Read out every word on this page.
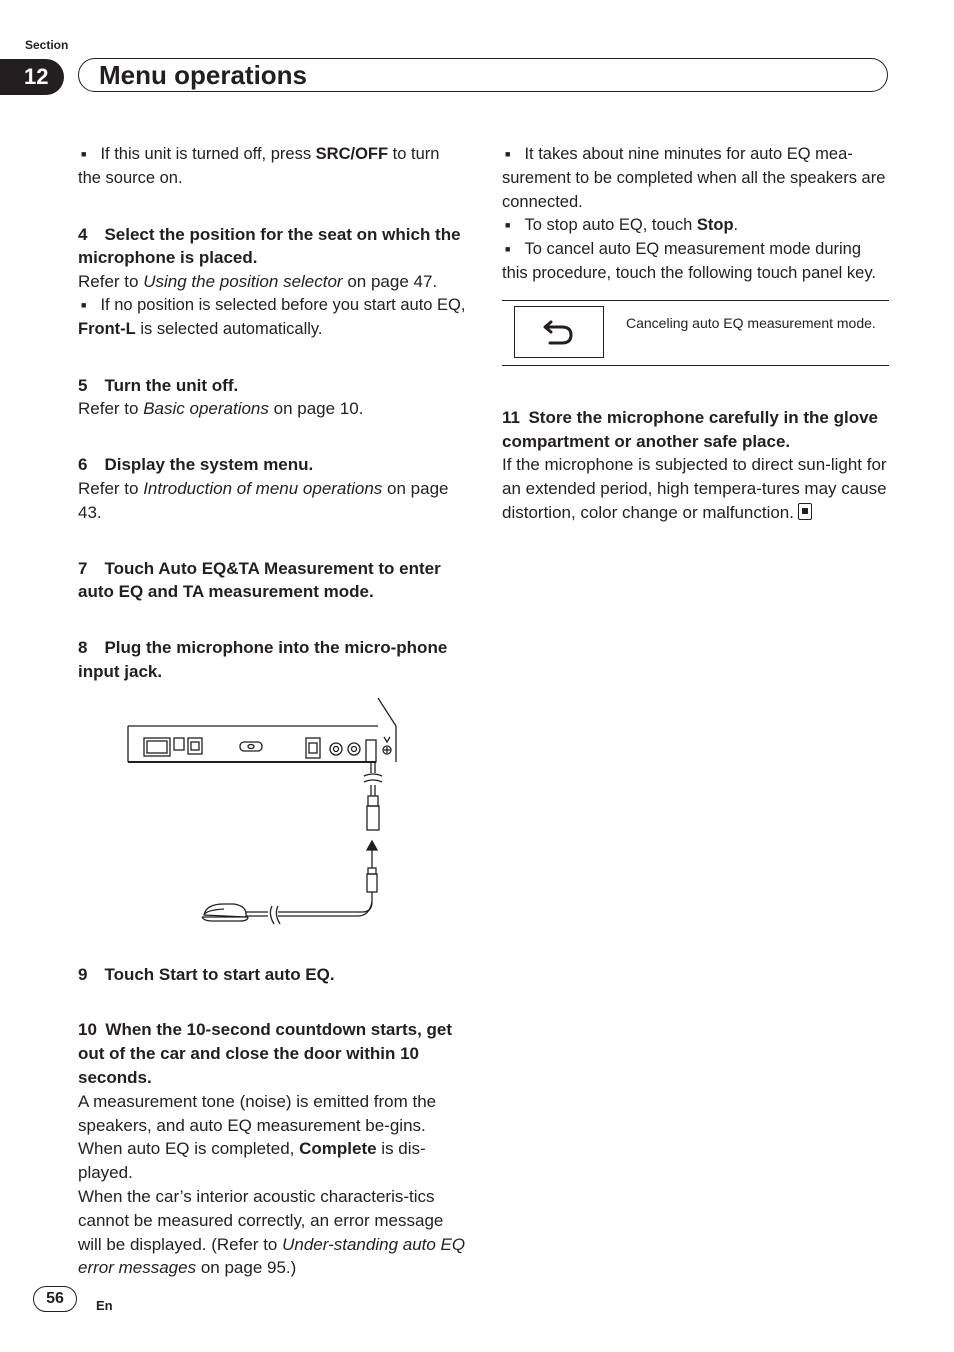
Section
12	Menu operations

■ If this unit is turned off, press SRC/OFF to turn the source on.

4 Select the position for the seat on which the microphone is placed.

Refer to Using the position selector on page 47.

■ If no position is selected before you start auto EQ, Front-L is selected automatically.

5 Turn the unit off.

Refer to Basic operations on page 10.

6 Display the system menu.

Refer to Introduction of menu operations on page 43.

7 Touch Auto EQ&TA Measurement to enter auto EQ and TA measurement mode.

8 Plug the microphone into the micro-phone input jack.

9 Touch Start to start auto EQ.

10 When the 10-second countdown starts, get out of the car and close the door within 10 seconds.

A measurement tone (noise) is emitted from the speakers, and auto EQ measurement be-gins.

When auto EQ is completed, Complete is dis-played.

When the car’s interior acoustic characteris-tics cannot be measured correctly, an error message will be displayed. (Refer to Under-standing auto EQ error messages on page 95.)

■ It takes about nine minutes for auto EQ mea-surement to be completed when all the speakers are connected.

■ To stop auto EQ, touch Stop.

■ To cancel auto EQ measurement mode during this procedure, touch the following touch panel key.

Canceling auto EQ measurement mode.

11 Store the microphone carefully in the glove compartment or another safe place.

If the microphone is subjected to direct sun-light for an extended period, high tempera-tures may cause distortion, color change or malfunction.

56	En
